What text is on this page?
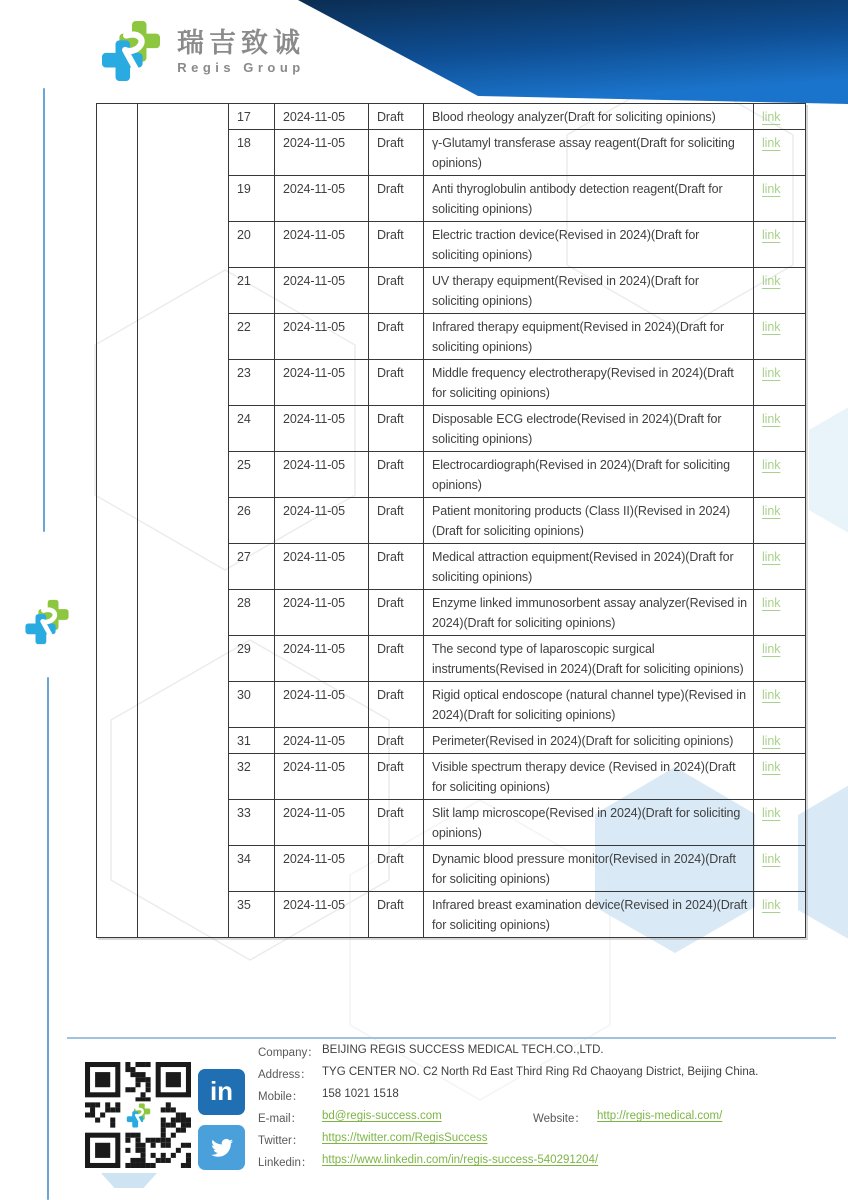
瑞吉致诚
Regis Group
		17	2024-11-05	Draft	Blood rheology analyzer(Draft for soliciting opinions)	link
		18	2024-11-05	Draft	γ-Glutamyl transferase assay reagent(Draft for soliciting opinions)	link
		19	2024-11-05	Draft	Anti thyroglobulin antibody detection reagent(Draft for soliciting opinions)	link
		20	2024-11-05	Draft	Electric traction device(Revised in 2024)(Draft for soliciting opinions)	link
		21	2024-11-05	Draft	UV therapy equipment(Revised in 2024)(Draft for soliciting opinions)	link
		22	2024-11-05	Draft	Infrared therapy equipment(Revised in 2024)(Draft for soliciting opinions)	link
		23	2024-11-05	Draft	Middle frequency electrotherapy(Revised in 2024)(Draft for soliciting opinions)	link
		24	2024-11-05	Draft	Disposable ECG electrode(Revised in 2024)(Draft for soliciting opinions)	link
		25	2024-11-05	Draft	Electrocardiograph(Revised in 2024)(Draft for soliciting opinions)	link
		26	2024-11-05	Draft	Patient monitoring products (Class II)(Revised in 2024)(Draft for soliciting opinions)	link
		27	2024-11-05	Draft	Medical attraction equipment(Revised in 2024)(Draft for soliciting opinions)	link
		28	2024-11-05	Draft	Enzyme linked immunosorbent assay analyzer(Revised in 2024)(Draft for soliciting opinions)	link
		29	2024-11-05	Draft	The second type of laparoscopic surgical instruments(Revised in 2024)(Draft for soliciting opinions)	link
		30	2024-11-05	Draft	Rigid optical endoscope (natural channel type)(Revised in 2024)(Draft for soliciting opinions)	link
		31	2024-11-05	Draft	Perimeter(Revised in 2024)(Draft for soliciting opinions)	link
		32	2024-11-05	Draft	Visible spectrum therapy device (Revised in 2024)(Draft for soliciting opinions)	link
		33	2024-11-05	Draft	Slit lamp microscope(Revised in 2024)(Draft for soliciting opinions)	link
		34	2024-11-05	Draft	Dynamic blood pressure monitor(Revised in 2024)(Draft for soliciting opinions)	link
		35	2024-11-05	Draft	Infrared breast examination device(Revised in 2024)(Draft for soliciting opinions)	link
in
Company： BEIJING REGIS SUCCESS MEDICAL TECH.CO.,LTD.
Address： TYG CENTER NO. C2 North Rd East Third Ring Rd Chaoyang District, Beijing China.
Mobile： 158 1021 1518
E-mail： bd@regis-success.com	Website： http://regis-medical.com/
Twitter： https://twitter.com/RegisSuccess
Linkedin： https://www.linkedin.com/in/regis-success-540291204/
